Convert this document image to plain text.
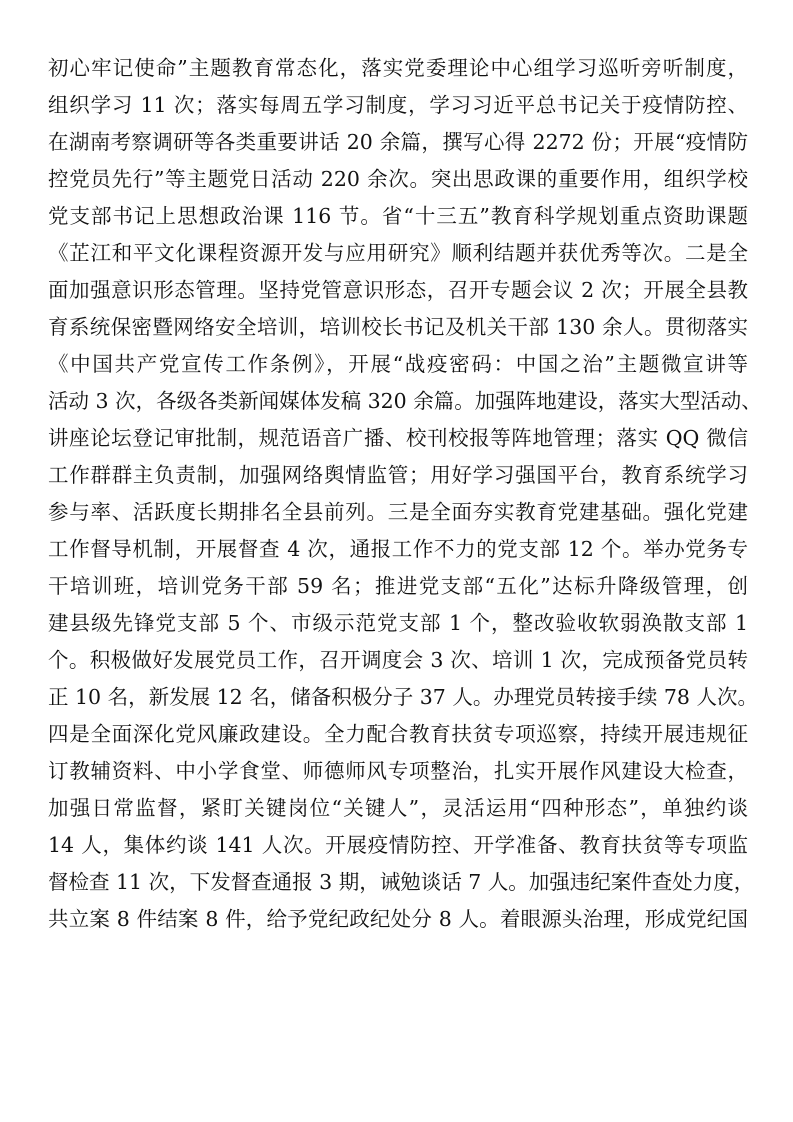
初心牢记使命”主题教育常态化，落实党委理论中心组学习巡听旁听制度，
组织学习 11 次；落实每周五学习制度，学习习近平总书记关于疫情防控、
在湖南考察调研等各类重要讲话 20 余篇，撰写心得 2272 份；开展“疫情防
控党员先行”等主题党日活动 220 余次。突出思政课的重要作用，组织学校
党支部书记上思想政治课 116 节。省“十三五”教育科学规划重点资助课题
《芷江和平文化课程资源开发与应用研究》顺利结题并获优秀等次。二是全
面加强意识形态管理。坚持党管意识形态，召开专题会议 2 次；开展全县教
育系统保密暨网络安全培训，培训校长书记及机关干部 130 余人。贯彻落实
《中国共产党宣传工作条例》，开展“战疫密码：中国之治”主题微宣讲等
活动 3 次，各级各类新闻媒体发稿 320 余篇。加强阵地建设，落实大型活动、
讲座论坛登记审批制，规范语音广播、校刊校报等阵地管理；落实 QQ 微信
工作群群主负责制，加强网络舆情监管；用好学习强国平台，教育系统学习
参与率、活跃度长期排名全县前列。三是全面夯实教育党建基础。强化党建
工作督导机制，开展督查 4 次，通报工作不力的党支部 12 个。举办党务专
干培训班，培训党务干部 59 名；推进党支部“五化”达标升降级管理，创
建县级先锋党支部 5 个、市级示范党支部 1 个，整改验收软弱涣散支部 1
个。积极做好发展党员工作，召开调度会 3 次、培训 1 次，完成预备党员转
正 10 名，新发展 12 名，储备积极分子 37 人。办理党员转接手续 78 人次。
四是全面深化党风廉政建设。全力配合教育扶贫专项巡察，持续开展违规征
订教辅资料、中小学食堂、师德师风专项整治，扎实开展作风建设大检查，
加强日常监督，紧盯关键岗位“关键人”，灵活运用“四种形态”，单独约谈
14 人，集体约谈 141 人次。开展疫情防控、开学准备、教育扶贫等专项监
督检查 11 次，下发督查通报 3 期，诫勉谈话 7 人。加强违纪案件查处力度，
共立案 8 件结案 8 件，给予党纪政纪处分 8 人。着眼源头治理，形成党纪国
